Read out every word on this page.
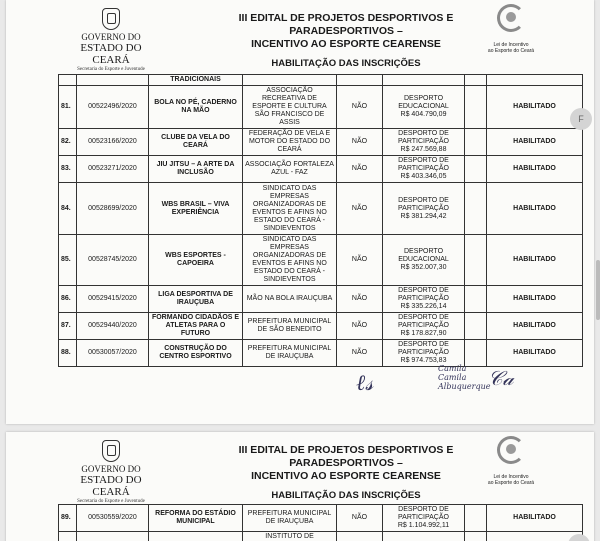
GOVERNO DO
ESTADO DO CEARÁ
Secretaria do Esporte e Juventude
III EDITAL DE PROJETOS DESPORTIVOS E PARADESPORTIVOS –
INCENTIVO AO ESPORTE CEARENSE
HABILITAÇÃO DAS INSCRIÇÕES
Lei de Incentivo
ao Esporte do Ceará
		TRADICIONAIS					
81.	00522496/2020	BOLA NO PÉ, CADERNO NA MÃO	ASSOCIAÇÃO RECREATIVA DE ESPORTE E CULTURA SÃO FRANCISCO DE ASSIS	NÃO	DESPORTO EDUCACIONAL
R$ 404.790,09		HABILITADO
82.	00523166/2020	CLUBE DA VELA DO CEARÁ	FEDERAÇÃO DE VELA E MOTOR DO ESTADO DO CEARÁ	NÃO	DESPORTO DE PARTICIPAÇÃO
R$ 247.569,88		HABILITADO
83.	00523271/2020	JIU JITSU – A ARTE DA INCLUSÃO	ASSOCIAÇÃO FORTALEZA AZUL - FAZ	NÃO	DESPORTO DE PARTICIPAÇÃO
R$ 403.346,05		HABILITADO
84.	00528699/2020	WBS BRASIL – VIVA EXPERIÊNCIA	SINDICATO DAS EMPRESAS ORGANIZADORAS DE EVENTOS E AFINS NO ESTADO DO CEARÁ - SINDIEVENTOS	NÃO	DESPORTO DE PARTICIPAÇÃO
R$ 381.294,42		HABILITADO
85.	00528745/2020	WBS ESPORTES - CAPOEIRA	SINDICATO DAS EMPRESAS ORGANIZADORAS DE EVENTOS E AFINS NO ESTADO DO CEARÁ - SINDIEVENTOS	NÃO	DESPORTO EDUCACIONAL
R$ 352.007,30		HABILITADO
86.	00529415/2020	LIGA DESPORTIVA DE IRAUÇUBA	MÃO NA BOLA IRAUÇUBA	NÃO	DESPORTO DE PARTICIPAÇÃO
R$ 335.226,14		HABILITADO
87.	00529440/2020	FORMANDO CIDADÃOS E ATLETAS PARA O FUTURO	PREFEITURA MUNICIPAL DE SÃO BENEDITO	NÃO	DESPORTO DE PARTICIPAÇÃO
R$ 178.827,90		HABILITADO
88.	00530057/2020	CONSTRUÇÃO DO CENTRO ESPORTIVO	PREFEITURA MUNICIPAL DE IRAUÇUBA	NÃO	DESPORTO DE PARTICIPAÇÃO
R$ 974.753,83		HABILITADO
ℓ𝓈
Camila
Camila Albuquerque
𝒞𝒶
GOVERNO DO
ESTADO DO CEARÁ
Secretaria do Esporte e Juventude
III EDITAL DE PROJETOS DESPORTIVOS E PARADESPORTIVOS –
INCENTIVO AO ESPORTE CEARENSE
HABILITAÇÃO DAS INSCRIÇÕES
Lei de Incentivo
ao Esporte do Ceará
89.	00530559/2020	REFORMA DO ESTÁDIO MUNICIPAL	PREFEITURA MUNICIPAL DE IRAUÇUBA	NÃO	DESPORTO DE PARTICIPAÇÃO
R$ 1.104.992,11		HABILITADO
			INSTITUTO DE				
F
